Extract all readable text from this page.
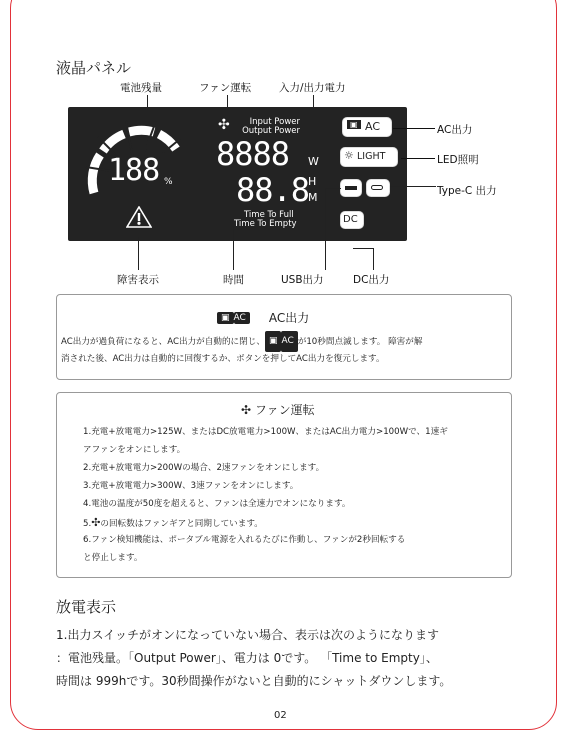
液晶パネル
電池残量	ファン運転	入力/出力電力
188 %
✣	Input Power
Output Power
8888 W
88.8
H
M
Time To Full
Time To Empty
▣ AC
☼ LIGHT
DC
AC出力
LED照明
Type-C 出力
障害表示	時間	USB出力	DC出力
▣ AC AC出力
AC出力が過負荷になると、AC出力が自動的に閉じ、 ▣ AC が10秒間点滅します。 障害が解
消された後、AC出力は自動的に回復するか、ボタンを押してAC出力を復元します。
✣ ファン運転
1.充電+放電電力>125W、またはDC放電電力>100W、またはAC出力電力>100Wで、1速ギ
アファンをオンにします。
2.充電+放電電力>200Wの場合、2速ファンをオンにします。
3.充電+放電電力>300W、3速ファンをオンにします。
4.電池の温度が50度を超えると、ファンは全速力でオンになります。
5.✣の回転数はファンギアと同期しています。
6.ファン検知機能は、ポータブル電源を入れるたびに作動し、ファンが2秒回転する
と停止します。
放電表示
1.出力スイッチがオンになっていない場合、表示は次のようになります
：電池残量。「Output Power」、電力は 0です。 「Time to Empty」、
時間は 999hです。30秒間操作がないと自動的にシャットダウンします。
02
